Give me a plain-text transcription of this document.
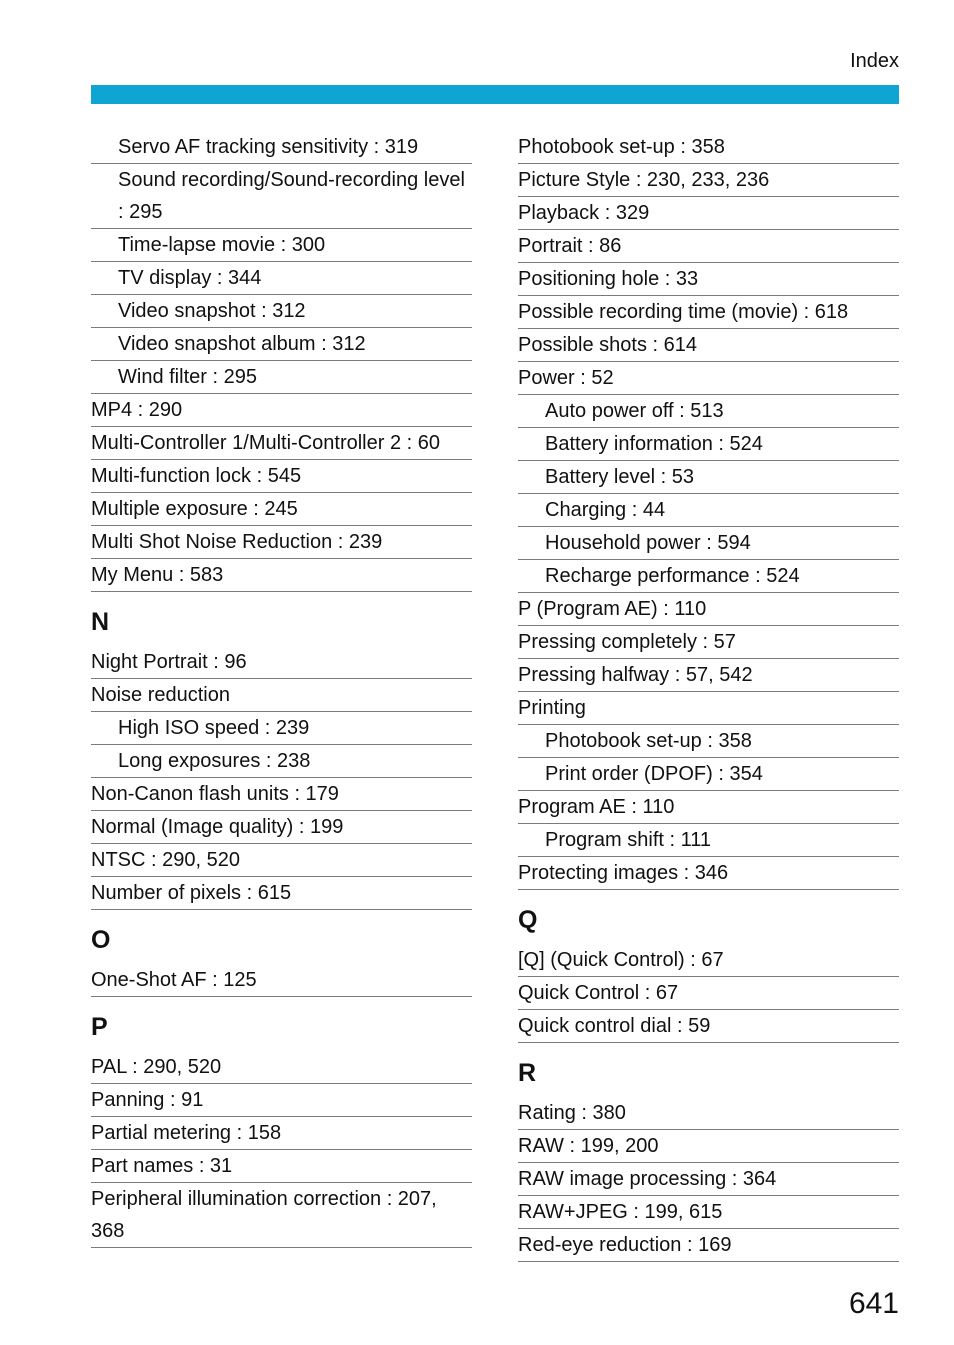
Index
Servo AF tracking sensitivity : 319
Sound recording/Sound-recording level : 295
Time-lapse movie : 300
TV display : 344
Video snapshot : 312
Video snapshot album : 312
Wind filter : 295
MP4 : 290
Multi-Controller 1/Multi-Controller 2 : 60
Multi-function lock : 545
Multiple exposure : 245
Multi Shot Noise Reduction : 239
My Menu : 583
N
Night Portrait : 96
Noise reduction
High ISO speed : 239
Long exposures : 238
Non-Canon flash units : 179
Normal (Image quality) : 199
NTSC : 290, 520
Number of pixels : 615
O
One-Shot AF : 125
P
PAL : 290, 520
Panning : 91
Partial metering : 158
Part names : 31
Peripheral illumination correction : 207, 368
Photobook set-up : 358
Picture Style : 230, 233, 236
Playback : 329
Portrait : 86
Positioning hole : 33
Possible recording time (movie) : 618
Possible shots : 614
Power : 52
Auto power off : 513
Battery information : 524
Battery level : 53
Charging : 44
Household power : 594
Recharge performance : 524
P (Program AE) : 110
Pressing completely : 57
Pressing halfway : 57, 542
Printing
Photobook set-up : 358
Print order (DPOF) : 354
Program AE : 110
Program shift : 111
Protecting images : 346
Q
[Q] (Quick Control) : 67
Quick Control : 67
Quick control dial : 59
R
Rating : 380
RAW : 199, 200
RAW image processing : 364
RAW+JPEG : 199, 615
Red-eye reduction : 169
641
